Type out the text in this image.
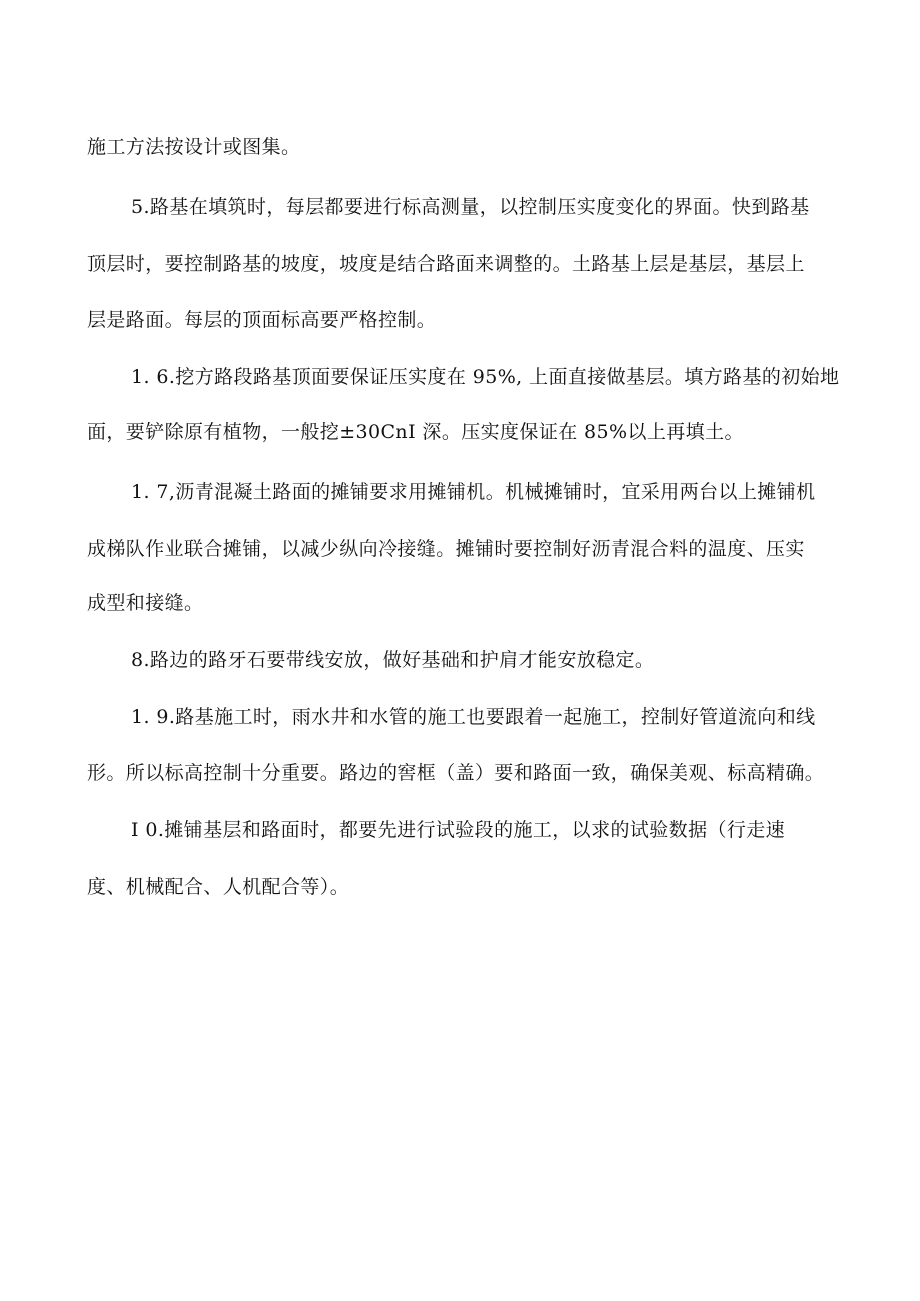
施工方法按设计或图集。
5.路基在填筑时，每层都要进行标高测量，以控制压实度变化的界面。快到路基
顶层时，要控制路基的坡度，坡度是结合路面来调整的。土路基上层是基层，基层上
层是路面。每层的顶面标高要严格控制。
1. 6.挖方路段路基顶面要保证压实度在 95%, 上面直接做基层。填方路基的初始地
面，要铲除原有植物，一般挖±30CnI 深。压实度保证在 85%以上再填土。
1. 7,沥青混凝土路面的摊铺要求用摊铺机。机械摊铺时，宜采用两台以上摊铺机
成梯队作业联合摊铺，以减少纵向冷接缝。摊铺时要控制好沥青混合料的温度、压实
成型和接缝。
8.路边的路牙石要带线安放，做好基础和护肩才能安放稳定。
1. 9.路基施工时，雨水井和水管的施工也要跟着一起施工，控制好管道流向和线
形。所以标高控制十分重要。路边的窖框（盖）要和路面一致，确保美观、标高精确。
I 0.摊铺基层和路面时，都要先进行试验段的施工，以求的试验数据（行走速
度、机械配合、人机配合等）。
